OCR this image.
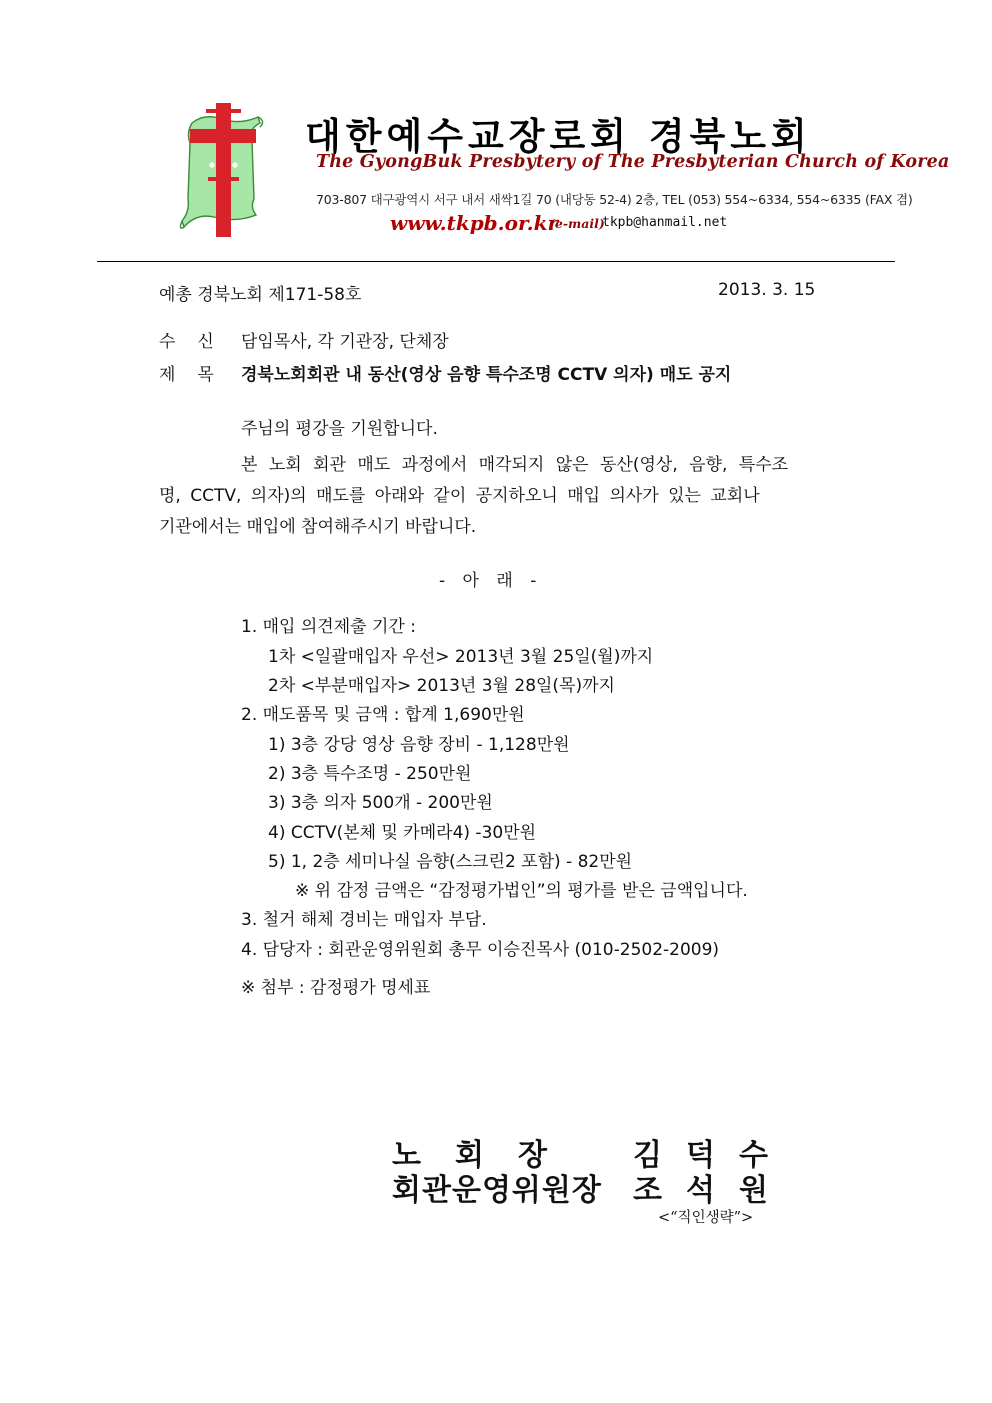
대한예수교장로회 경북노회
The GyongBuk Presbytery of The Presbyterian Church of Korea
703-807 대구광역시 서구 내서 새싹1길 70 (내당동 52-4) 2층, TEL (053) 554~6334, 554~6335 (FAX 겸)
www.tkpb.or.kr
(e-mail)
tkpb@hanmail.net
예총 경북노회 제171-58호	2013. 3. 15
수신 담임목사, 각 기관장, 단체장
제목 경북노회회관 내 동산(영상 음향 특수조명 CCTV 의자) 매도 공지
주님의 평강을 기원합니다.
본 노회 회관 매도 과정에서 매각되지 않은 동산(영상, 음향, 특수조
명, CCTV, 의자)의 매도를 아래와 같이 공지하오니 매입 의사가 있는 교회나
기관에서는 매입에 참여해주시기 바랍니다.
- 아 래 -
1. 매입 의견제출 기간 :
1차 <일괄매입자 우선> 2013년 3월 25일(월)까지
2차 <부분매입자> 2013년 3월 28일(목)까지
2. 매도품목 및 금액 : 합계 1,690만원
1) 3층 강당 영상 음향 장비 - 1,128만원
2) 3층 특수조명 - 250만원
3) 3층 의자 500개 - 200만원
4) CCTV(본체 및 카메라4) -30만원
5) 1, 2층 세미나실 음향(스크린2 포함) - 82만원
※ 위 감정 금액은 “감정평가법인”의 평가를 받은 금액입니다.
3. 철거 해체 경비는 매입자 부담.
4. 담당자 : 회관운영위원회 총무 이승진목사 (010-2502-2009)
※ 첨부 : 감정평가 명세표
노회장 김덕수
회관운영위원장 조석원
<“직인생략”>
